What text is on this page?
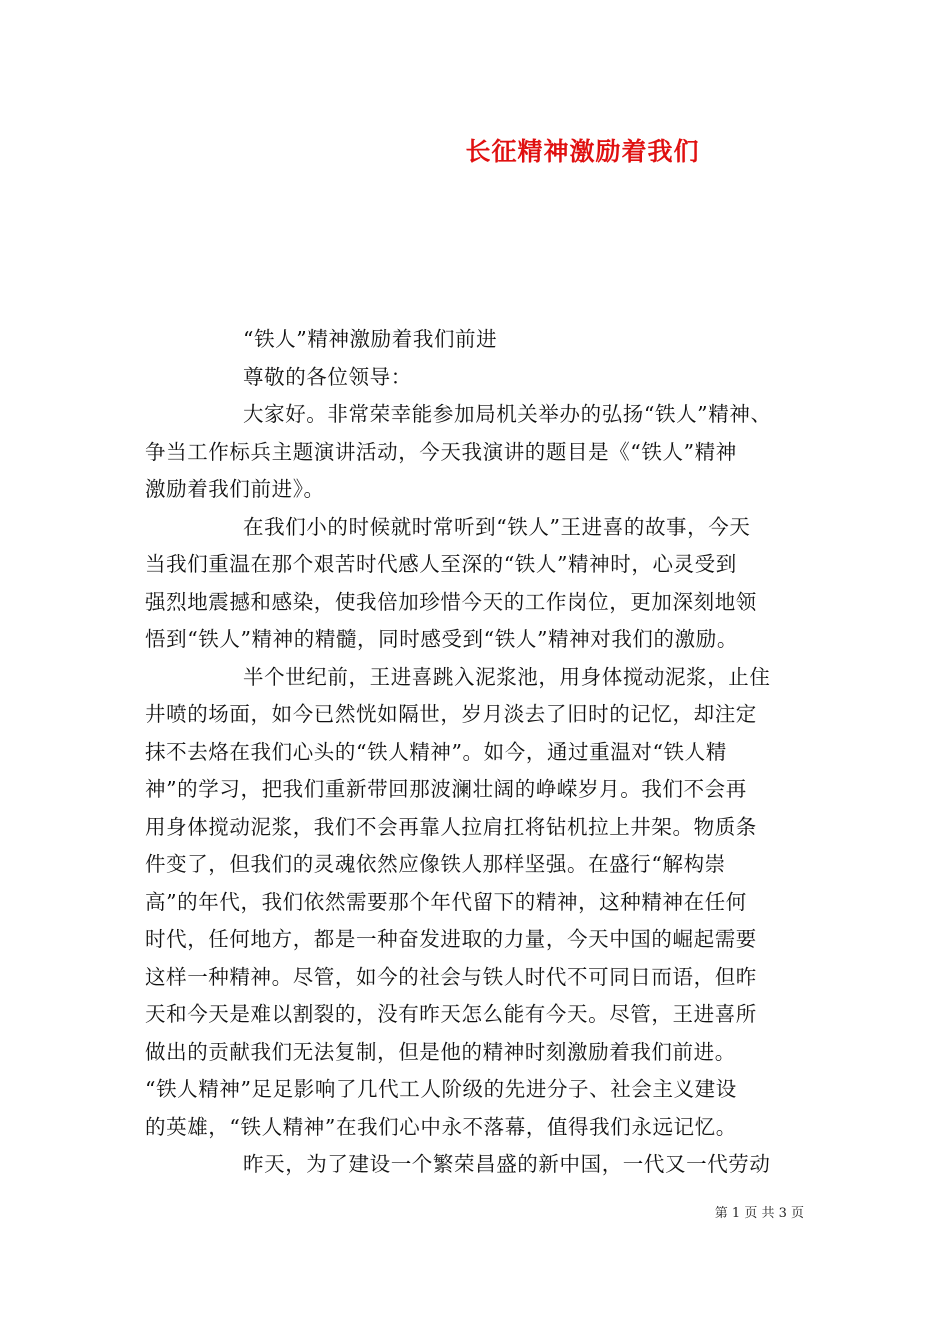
长征精神激励着我们
“铁人”精神激励着我们前进
尊敬的各位领导：
大家好。非常荣幸能参加局机关举办的弘扬“铁人”精神、
争当工作标兵主题演讲活动，今天我演讲的题目是《“铁人”精神
激励着我们前进》。
在我们小的时候就时常听到“铁人”王进喜的故事，今天
当我们重温在那个艰苦时代感人至深的“铁人”精神时，心灵受到
强烈地震撼和感染，使我倍加珍惜今天的工作岗位，更加深刻地领
悟到“铁人”精神的精髓，同时感受到“铁人”精神对我们的激励。
半个世纪前，王进喜跳入泥浆池，用身体搅动泥浆，止住
井喷的场面，如今已然恍如隔世，岁月淡去了旧时的记忆，却注定
抹不去烙在我们心头的“铁人精神”。如今，通过重温对“铁人精
神”的学习，把我们重新带回那波澜壮阔的峥嵘岁月。我们不会再
用身体搅动泥浆，我们不会再靠人拉肩扛将钻机拉上井架。物质条
件变了，但我们的灵魂依然应像铁人那样坚强。在盛行“解构崇
高”的年代，我们依然需要那个年代留下的精神，这种精神在任何
时代，任何地方，都是一种奋发进取的力量，今天中国的崛起需要
这样一种精神。尽管，如今的社会与铁人时代不可同日而语，但昨
天和今天是难以割裂的，没有昨天怎么能有今天。尽管，王进喜所
做出的贡献我们无法复制，但是他的精神时刻激励着我们前进。
“铁人精神”足足影响了几代工人阶级的先进分子、社会主义建设
的英雄，“铁人精神”在我们心中永不落幕，值得我们永远记忆。
昨天，为了建设一个繁荣昌盛的新中国，一代又一代劳动
第 1 页 共 3 页
